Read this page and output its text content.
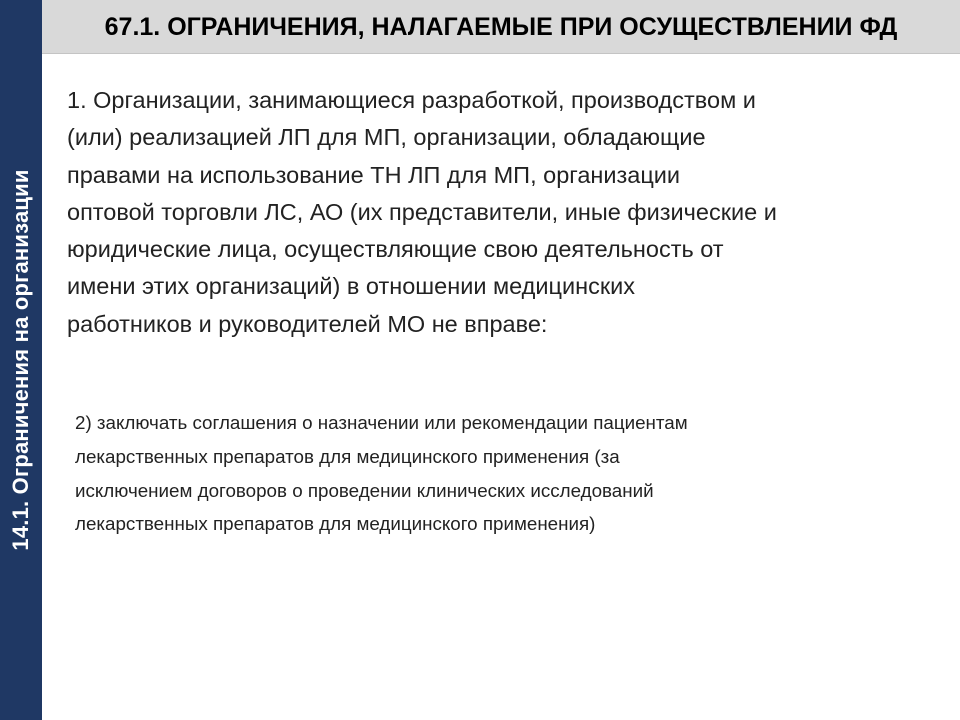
14.1. Ограничения на организации
67.1. ОГРАНИЧЕНИЯ, НАЛАГАЕМЫЕ ПРИ ОСУЩЕСТВЛЕНИИ ФД

1. Организации, занимающиеся разработкой, производством и
(или) реализацией ЛП для МП, организации, обладающие
правами на использование ТН ЛП для МП, организации
оптовой торговли ЛС, АО (их представители, иные физические и
юридические лица, осуществляющие свою деятельность от
имени этих организаций) в отношении медицинских
работников и руководителей МО не вправе:

2) заключать соглашения о назначении или рекомендации пациентам
лекарственных препаратов для медицинского применения (за
исключением договоров о проведении клинических исследований
лекарственных препаратов для медицинского применения)
